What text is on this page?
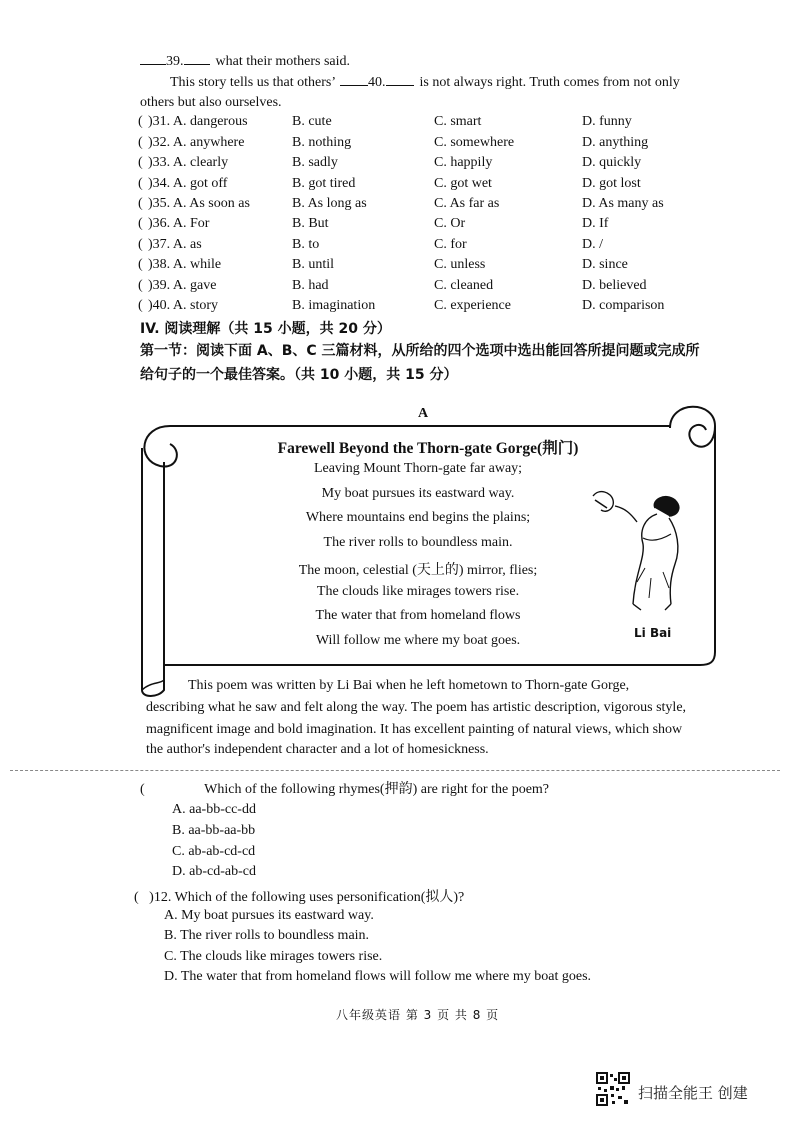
39. what their mothers said.
This story tells us that others’ 40. is not always right. Truth comes from not only
others but also ourselves.
( )31. A. dangerous	B. cute	C. smart	D. funny
( )32. A. anywhere	B. nothing	C. somewhere	D. anything
( )33. A. clearly	B. sadly	C. happily	D. quickly
( )34. A. got off	B. got tired	C. got wet	D. got lost
( )35. A. As soon as	B. As long as	C. As far as	D. As many as
( )36. A. For	B. But	C. Or	D. If
( )37. A. as	B. to	C. for	D. /
( )38. A. while	B. until	C. unless	D. since
( )39. A. gave	B. had	C. cleaned	D. believed
( )40. A. story	B. imagination	C. experience	D. comparison
IV. 阅读理解（共 15 小题，共 20 分）
第一节：阅读下面 A、B、C 三篇材料，从所给的四个选项中选出能回答所提问题或完成所
给句子的一个最佳答案。（共 10 小题，共 15 分）
A
Farewell Beyond the Thorn-gate Gorge(荆门)
Leaving Mount Thorn-gate far away;
My boat pursues its eastward way.
Where mountains end begins the plains;
The river rolls to boundless main.
The moon, celestial (天上的) mirror, flies;
The clouds like mirages towers rise.
The water that from homeland flows
Will follow me where my boat goes.	Li Bai
This poem was written by Li Bai when he left hometown to Thorn-gate Gorge,
describing what he saw and felt along the way. The poem has artistic description, vigorous style,
magnificent image and bold imagination. It has excellent painting of natural views, which show
the author's independent character and a lot of homesickness.
(	Which of the following rhymes(押韵) are right for the poem?
A. aa-bb-cc-dd
B. aa-bb-aa-bb
C. ab-ab-cd-cd
D. ab-cd-ab-cd
(   )12. Which of the following uses personification(拟人)?
A. My boat pursues its eastward way.
B. The river rolls to boundless main.
C. The clouds like mirages towers rise.
D. The water that from homeland flows will follow me where my boat goes.
八年级英语 第 3 页 共 8 页
扫描全能王 创建
